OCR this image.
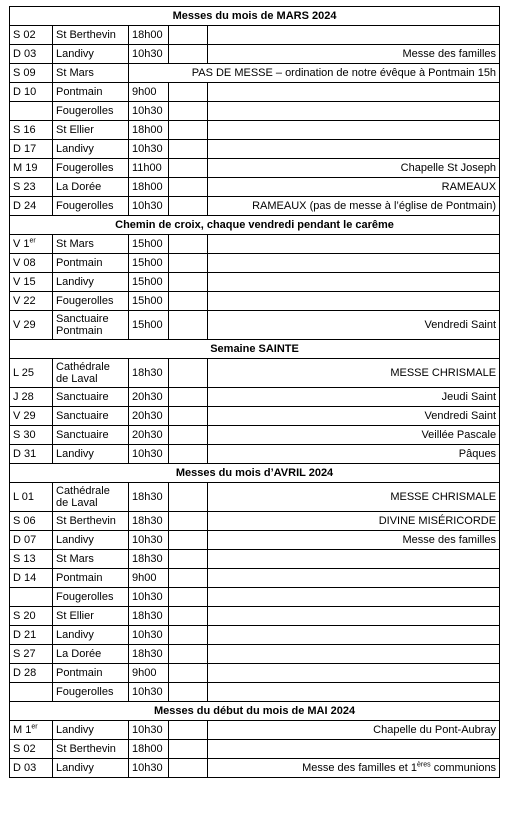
Messes du mois de MARS 2024				
S 02	St Berthevin	18h00		
D 03	Landivy	10h30		Messe des familles
S 09	St Mars	PAS DE MESSE – ordination de notre évêque à Pontmain 15h		
D 10	Pontmain	9h00		
	Fougerolles	10h30		
S 16	St Ellier	18h00		
D 17	Landivy	10h30		
M 19	Fougerolles	11h00		Chapelle St Joseph
S 23	La Dorée	18h00		RAMEAUX
D 24	Fougerolles	10h30		RAMEAUX (pas de messe à l’église de Pontmain)
Chemin de croix, chaque vendredi pendant le carême				
V 1er	St Mars	15h00		
V 08	Pontmain	15h00		
V 15	Landivy	15h00		
V 22	Fougerolles	15h00		
V 29	Sanctuaire Pontmain	15h00		Vendredi Saint
Semaine SAINTE				
L 25	Cathédrale de Laval	18h30		MESSE CHRISMALE
J 28	Sanctuaire	20h30		Jeudi Saint
V 29	Sanctuaire	20h30		Vendredi Saint
S 30	Sanctuaire	20h30		Veillée Pascale
D 31	Landivy	10h30		Pâques
Messes du mois d’AVRIL 2024				
L 01	Cathédrale de Laval	18h30		MESSE CHRISMALE
S 06	St Berthevin	18h30		DIVINE MISÉRICORDE
D 07	Landivy	10h30		Messe des familles
S 13	St Mars	18h30		
D 14	Pontmain	9h00		
	Fougerolles	10h30		
S 20	St Ellier	18h30		
D 21	Landivy	10h30		
S 27	La Dorée	18h30		
D 28	Pontmain	9h00		
	Fougerolles	10h30		
Messes du début du mois de MAI 2024				
M 1er	Landivy	10h30		Chapelle du Pont-Aubray
S 02	St Berthevin	18h00		
D 03	Landivy	10h30		Messe des familles et 1ères communions
